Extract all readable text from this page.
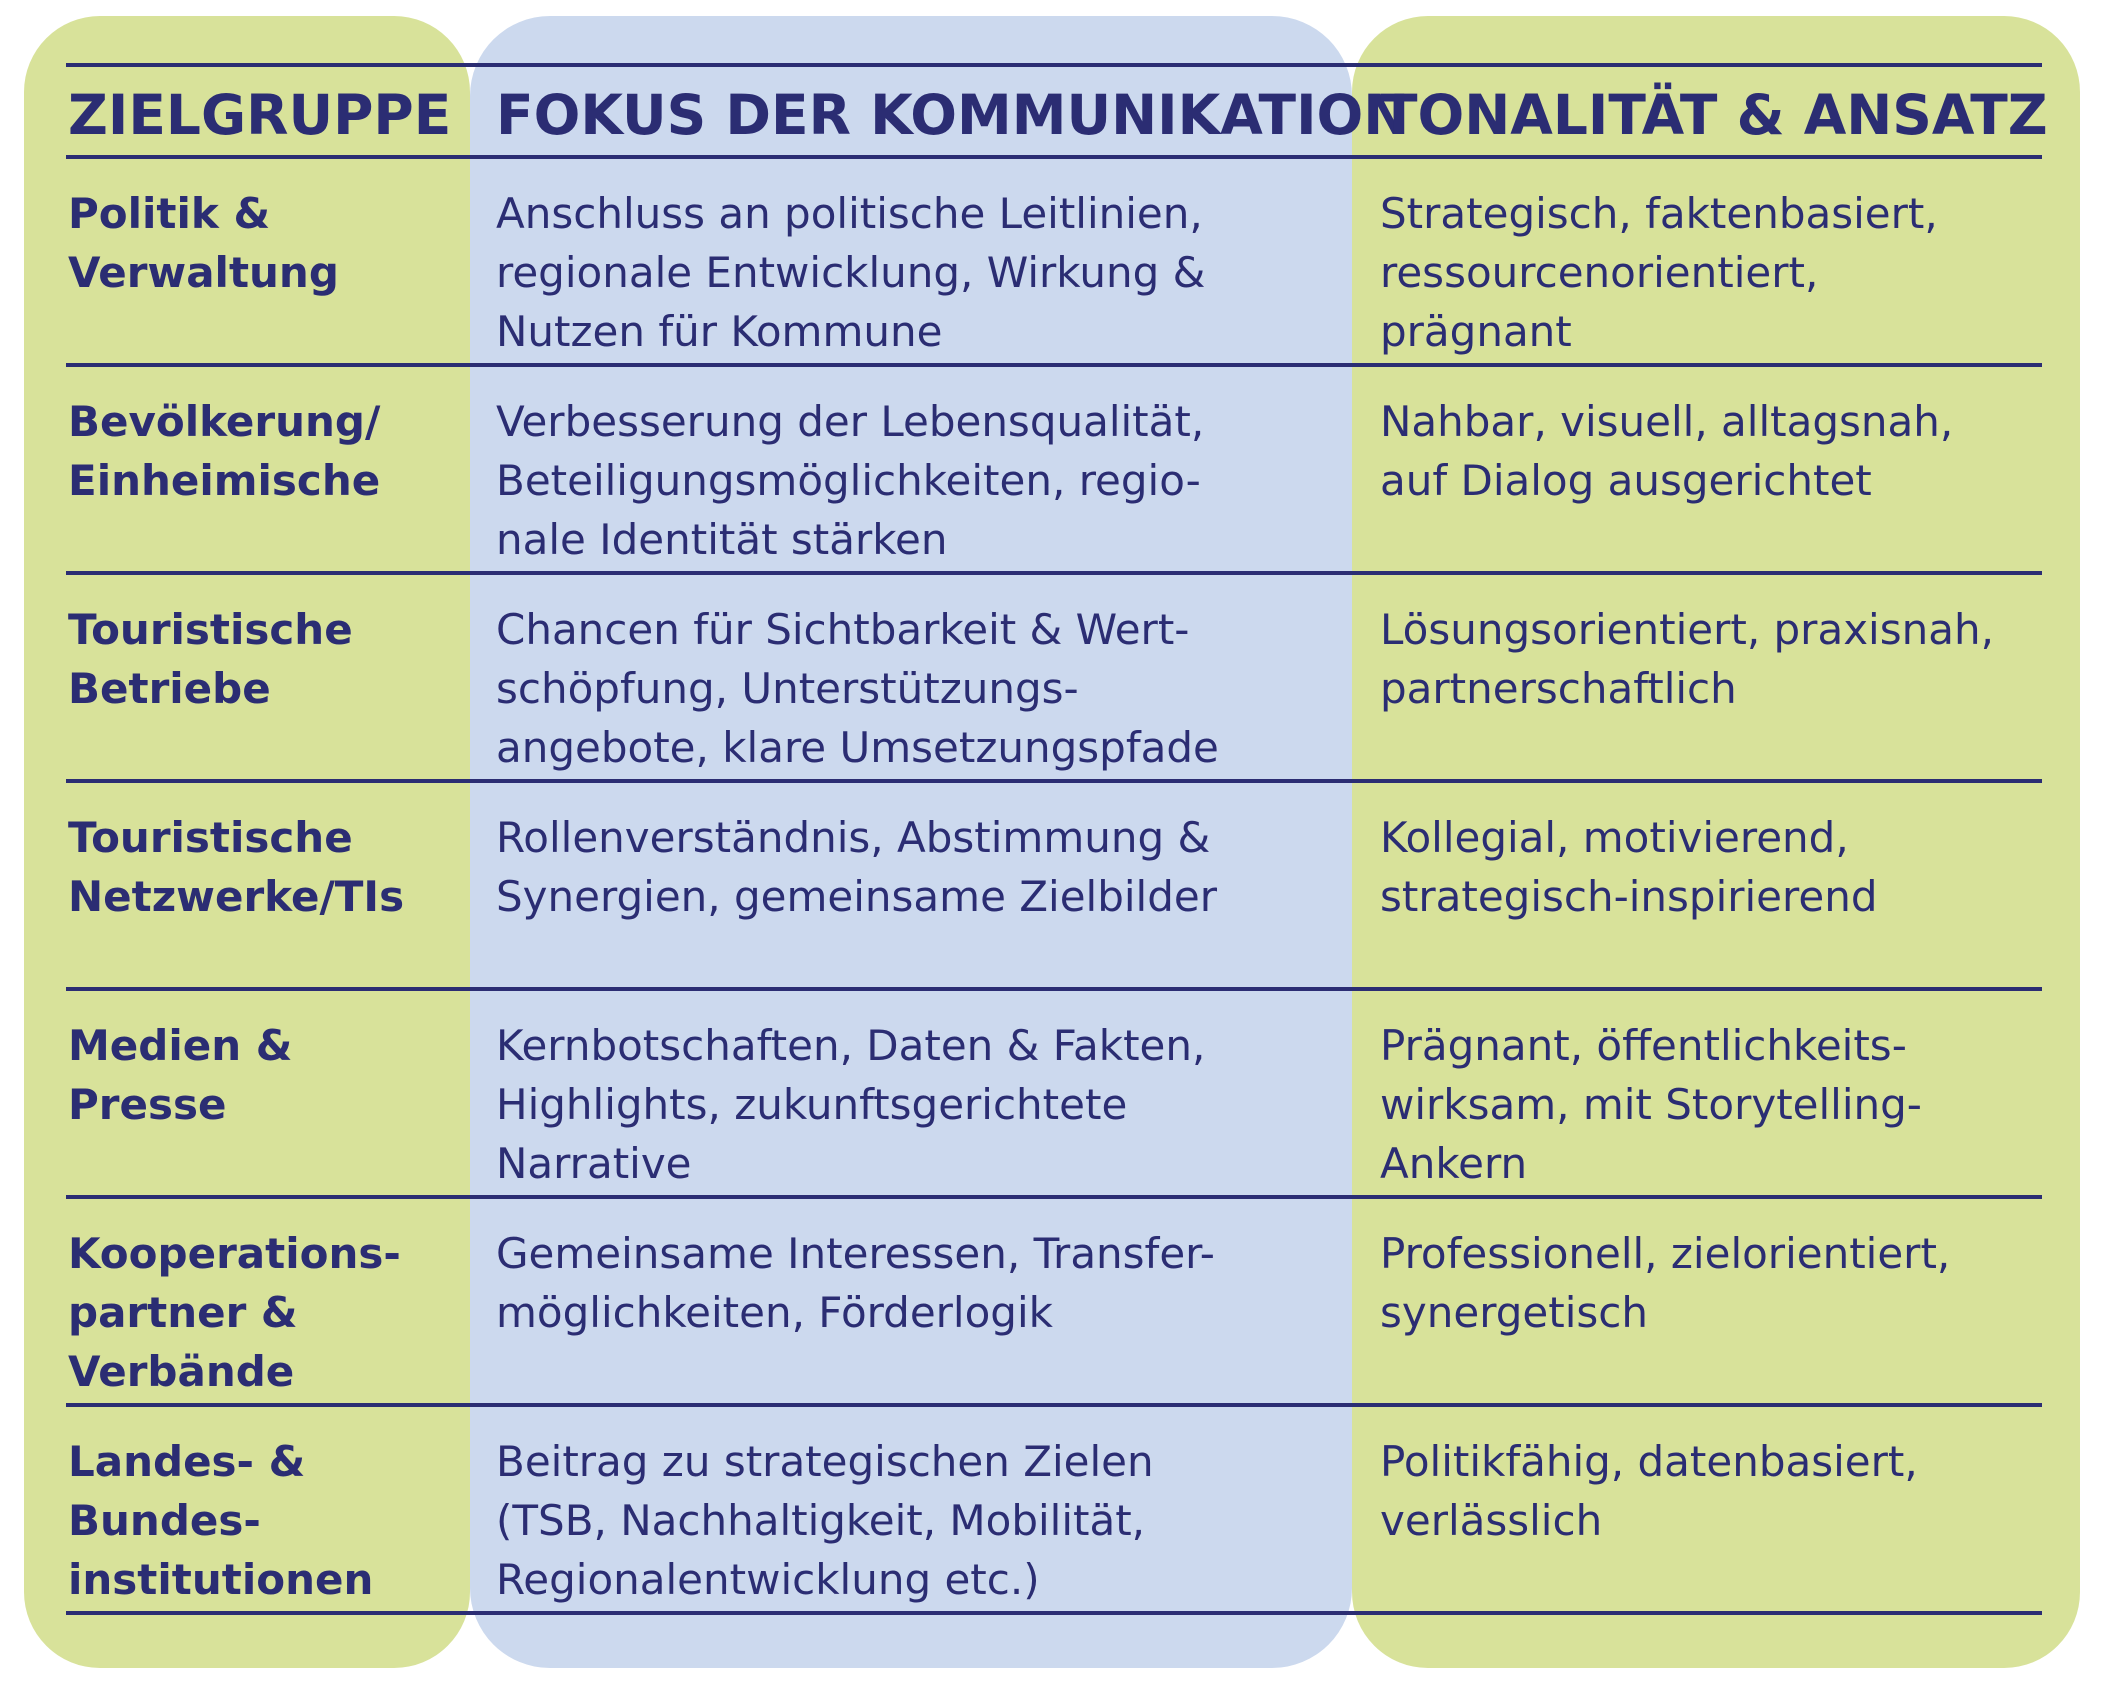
ZIELGRUPPE FOKUS DER KOMMUNIKATION
TONALITÄT & ANSATZ
Politik &
Verwaltung
Anschluss an politische Leitlinien,
regionale Entwicklung, Wirkung &
Nutzen für Kommune
Strategisch, faktenbasiert,
ressourcenorientiert,
prägnant
Bevölkerung/
Einheimische
Verbesserung der Lebensqualität,
Beteiligungsmöglichkeiten, regio-
nale Identität stärken
Nahbar, visuell, alltagsnah,
auf Dialog ausgerichtet
Touristische
Betriebe
Chancen für Sichtbarkeit & Wert-
schöpfung, Unterstützungs-
angebote, klare Umsetzungspfade
Lösungsorientiert, praxisnah,
partnerschaftlich
Touristische
Netzwerke/TIs
Rollenverständnis, Abstimmung &
Synergien, gemeinsame Zielbilder
Kollegial, motivierend,
strategisch-inspirierend
Medien & Presse
Kernbotschaften, Daten & Fakten,
Highlights, zukunftsgerichtete
Narrative
Prägnant, öffentlichkeits-
wirksam, mit Storytelling-
Ankern
Kooperations-
partner &
Verbände
Gemeinsame Interessen, Transfer-
möglichkeiten, Förderlogik
Professionell, zielorientiert,
synergetisch
Landes- &
Bundes-
institutionen
Beitrag zu strategischen Zielen
(TSB, Nachhaltigkeit, Mobilität,
Regionalentwicklung etc.)
Politikfähig, datenbasiert,
verlässlich
